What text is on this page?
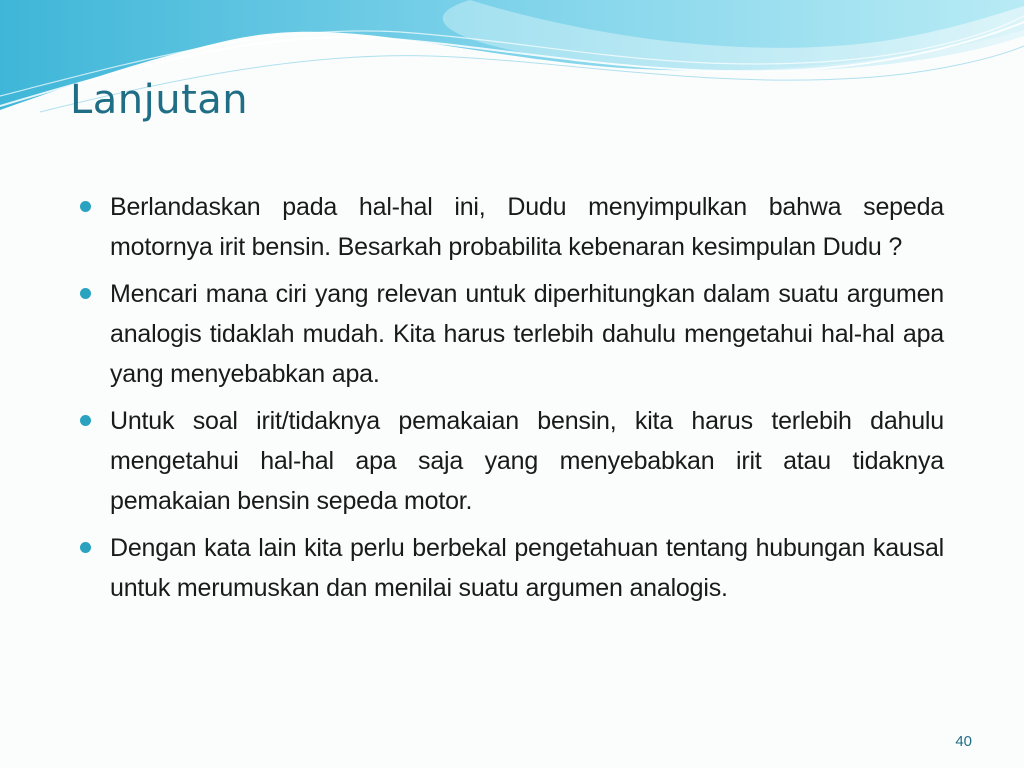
Lanjutan
Berlandaskan pada hal-hal ini, Dudu menyimpulkan bahwa sepeda motornya irit bensin. Besarkah probabilita kebenaran kesimpulan Dudu ?
Mencari mana ciri yang relevan untuk diperhitungkan dalam suatu argumen analogis tidaklah mudah. Kita harus terlebih dahulu mengetahui hal-hal apa yang menyebabkan apa.
Untuk soal irit/tidaknya pemakaian bensin, kita harus terlebih dahulu mengetahui hal-hal apa saja yang menyebabkan irit atau tidaknya pemakaian bensin sepeda motor.
Dengan kata lain kita perlu berbekal pengetahuan tentang hubungan kausal untuk merumuskan dan menilai suatu argumen analogis.
40
